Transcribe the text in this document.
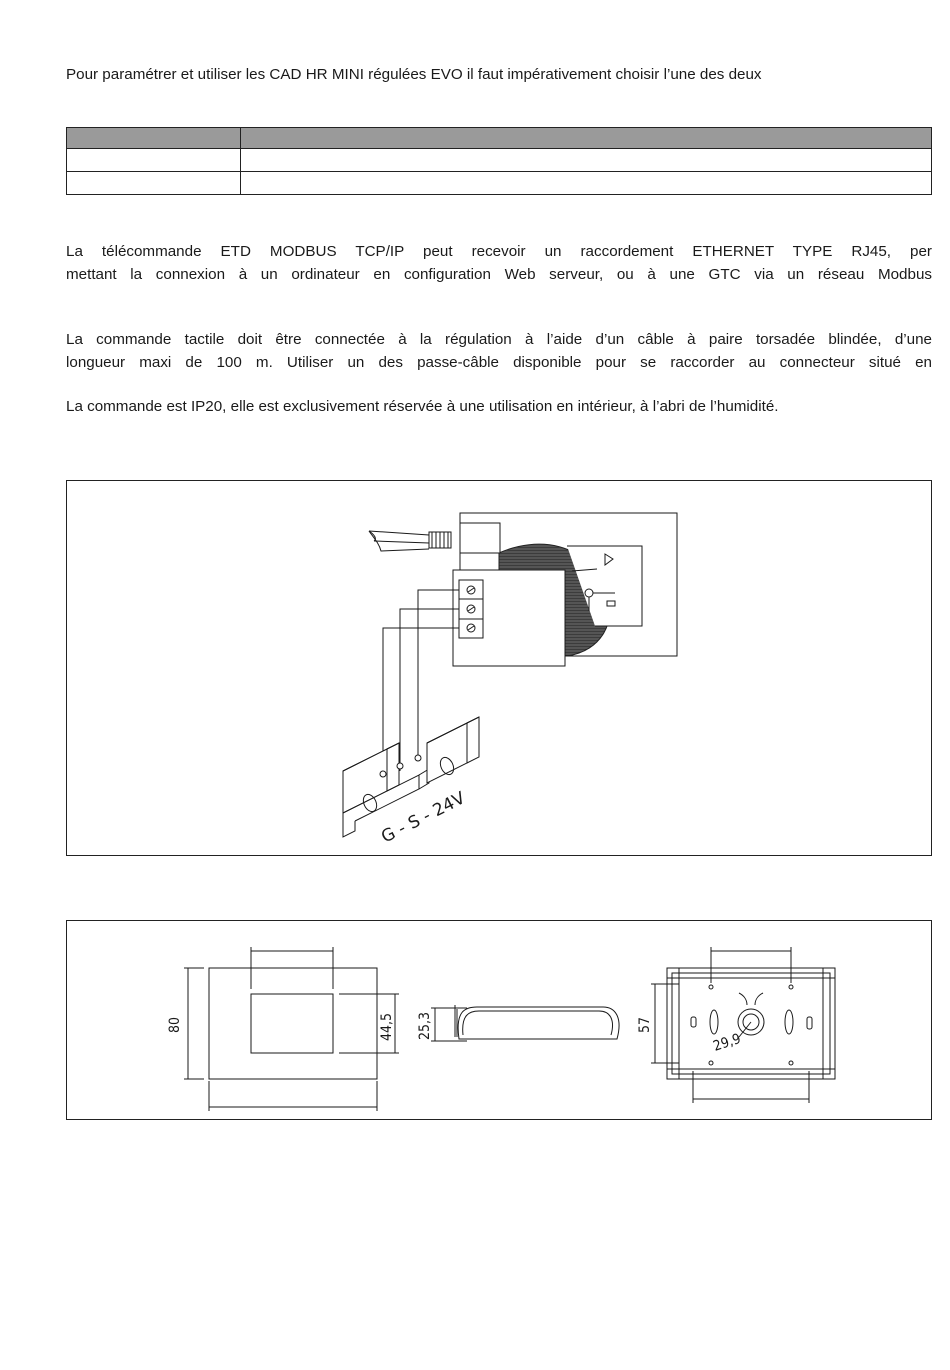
Pour paramétrer et utiliser les CAD HR MINI régulées EVO il faut impérativement choisir l’une des deux

La télécommande ETD MODBUS TCP/IP peut recevoir un raccordement ETHERNET TYPE RJ45, per

mettant la connexion à un ordinateur en configuration Web serveur, ou à une GTC via un réseau Modbus

La commande tactile doit être connectée à la régulation à l’aide d’un câble à paire torsadée blindée, d’une

longueur maxi de 100 m. Utiliser un des passe-câble disponible pour se raccorder au connecteur situé en

La commande est IP20, elle est exclusivement réservée à une utilisation en intérieur, à l’abri de l’humidité.

G - S - 24V
80	44,5 25,3	57
29,9
